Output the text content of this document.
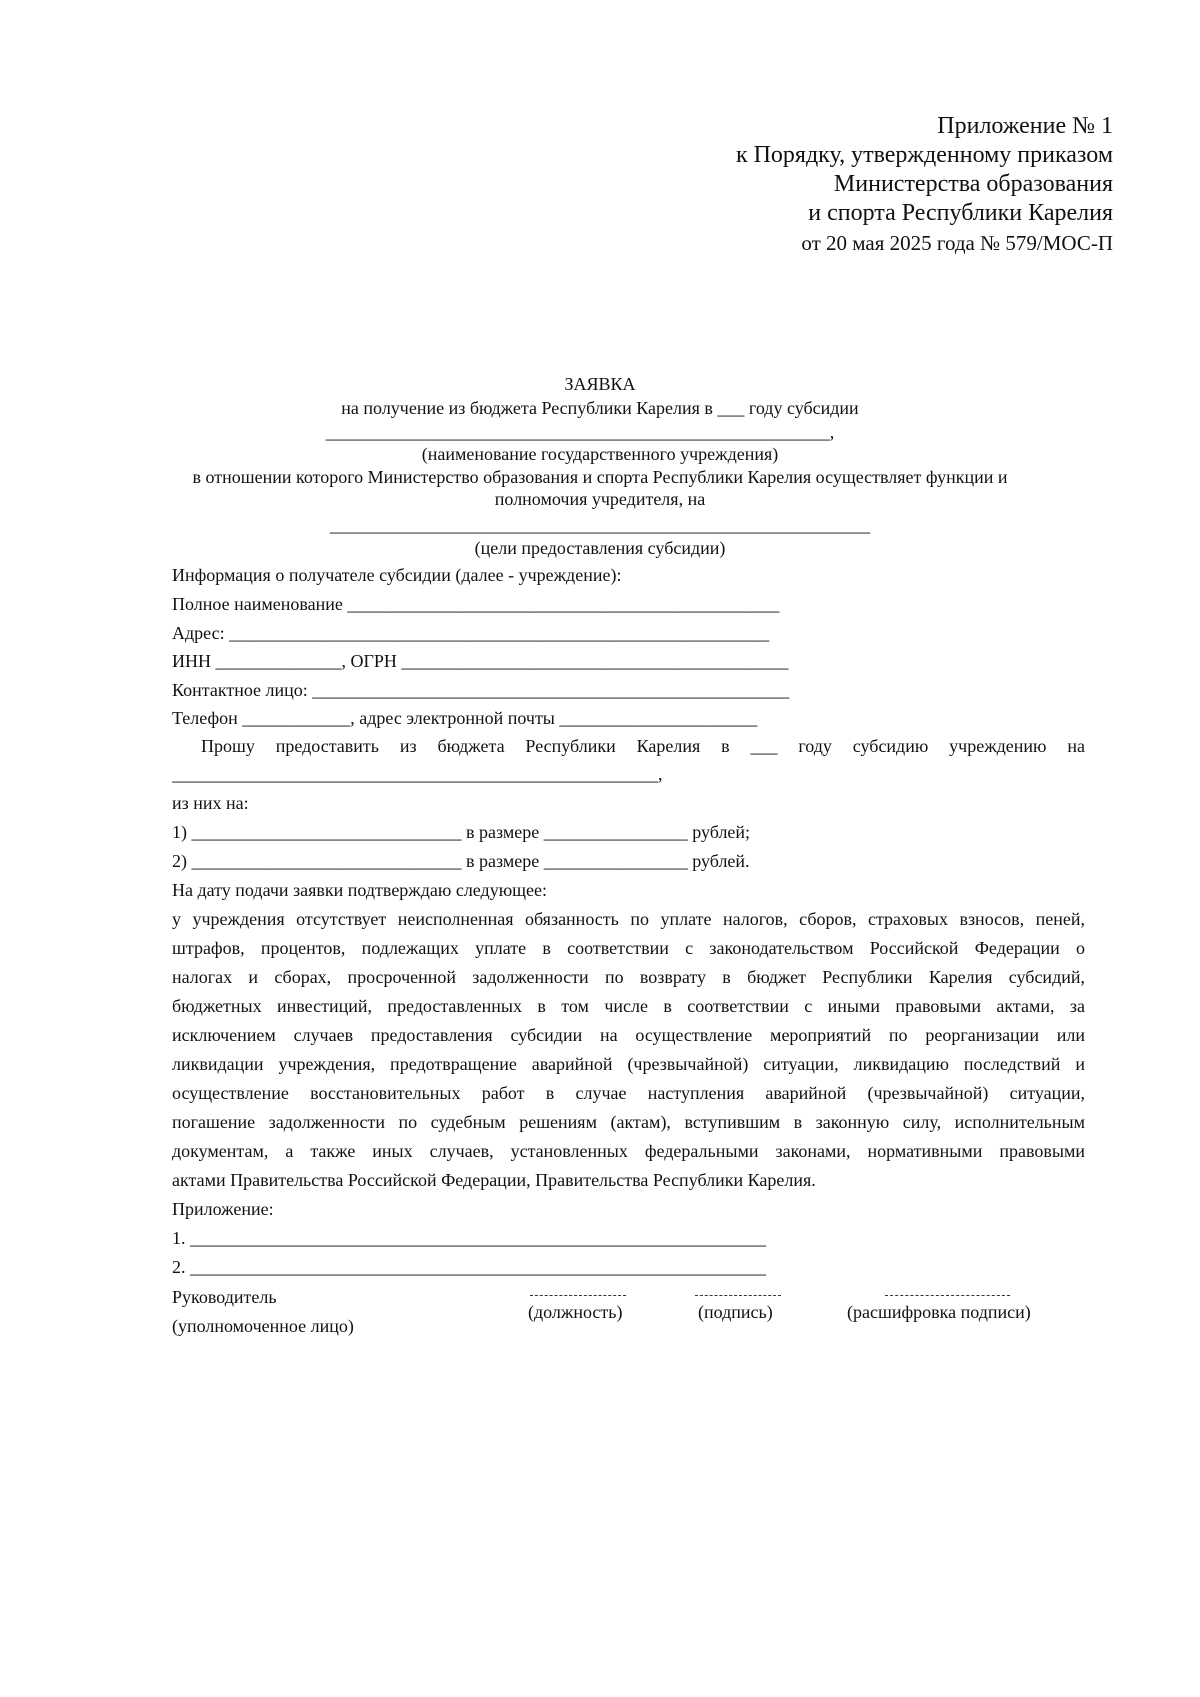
Приложение № 1
к Порядку, утвержденному приказом
Министерства образования
и спорта Республики Карелия
от 20 мая 2025 года № 579/МОС-П
ЗАЯВКА
на получение из бюджета Республики Карелия в ___ году субсидии
________________________________________________________,
(наименование государственного учреждения)
в отношении которого Министерство образования и спорта Республики Карелия осуществляет функции и
полномочия учредителя, на
____________________________________________________________
(цели предоставления субсидии)
Информация о получателе субсидии (далее - учреждение):
Полное наименование ________________________________________________
Адрес: ____________________________________________________________
ИНН ______________, ОГРН ___________________________________________
Контактное лицо: _____________________________________________________
Телефон ____________, адрес электронной почты ______________________
Прошу предоставить из бюджета Республики Карелия в ___ году субсидию учреждению на
______________________________________________________,
из них на:
1) ______________________________ в размере ________________ рублей;
2) ______________________________ в размере ________________ рублей.
На дату подачи заявки подтверждаю следующее:
у учреждения отсутствует неисполненная обязанность по уплате налогов, сборов, страховых взносов, пеней,
штрафов, процентов, подлежащих уплате в соответствии с законодательством Российской Федерации о
налогах и сборах, просроченной задолженности по возврату в бюджет Республики Карелия субсидий,
бюджетных инвестиций, предоставленных в том числе в соответствии с иными правовыми актами, за
исключением случаев предоставления субсидии на осуществление мероприятий по реорганизации или
ликвидации учреждения, предотвращение аварийной (чрезвычайной) ситуации, ликвидацию последствий и
осуществление восстановительных работ в случае наступления аварийной (чрезвычайной) ситуации,
погашение задолженности по судебным решениям (актам), вступившим в законную силу, исполнительным
документам, а также иных случаев, установленных федеральными законами, нормативными правовыми
актами Правительства Российской Федерации, Правительства Республики Карелия.
Приложение:
1. ________________________________________________________________
2. ________________________________________________________________
Руководитель
(уполномоченное лицо)
(должность)	(подпись)	(расшифровка подписи)
